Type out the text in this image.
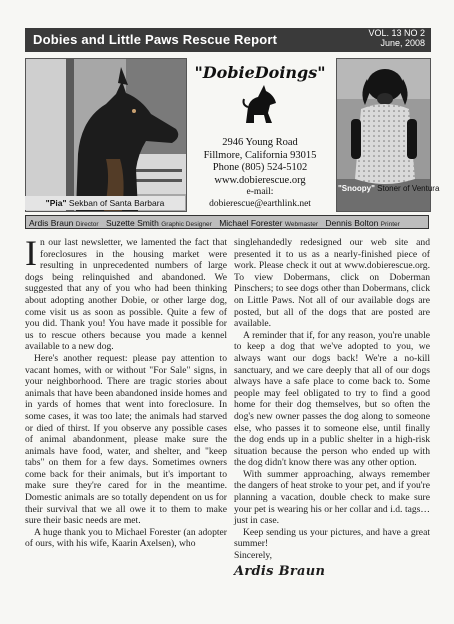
Dobies and Little Paws Rescue Report	VOL. 13 NO 2
June, 2008
"Pia" Sekban of Santa Barbara
"DobieDoings"
2946 Young Road
Fillmore, California 93015
Phone (805) 524-5102
www.dobierescue.org
e-mail:
dobierescue@earthlink.net
"Snoopy" Stoner of Ventura
Ardis Braun Director Suzette Smith Graphic Designer Michael Forester Webmaster Dennis Bolton Printer

In our last newsletter, we lamented the fact that foreclosures in the housing market were resulting in unprecedented numbers of large dogs being relinquished and abandoned. We suggested that any of you who had been thinking about adopting another Dobie, or other large dog, come visit us as soon as possible. Quite a few of you did. Thank you! You have made it possible for us to rescue others because you made a kennel available to a new dog.

Here's another request: please pay attention to vacant homes, with or without "For Sale" signs, in your neighborhood. There are tragic stories about animals that have been abandoned inside homes and in yards of homes that went into foreclosure. In some cases, it was too late; the animals had starved or died of thirst. If you observe any possible cases of animal abandonment, please make sure the animals have food, water, and shelter, and "keep tabs" on them for a few days. Sometimes owners come back for their animals, but it's important to make sure they're cared for in the meantime. Domestic animals are so totally dependent on us for their survival that we all owe it to them to make sure their basic needs are met.

A huge thank you to Michael Forester (an adopter of ours, with his wife, Kaarin Axelsen), who

singlehandedly redesigned our web site and presented it to us as a nearly-finished piece of work. Please check it out at www.dobierescue.org. To view Dobermans, click on Doberman Pinschers; to see dogs other than Dobermans, click on Little Paws. Not all of our available dogs are posted, but all of the dogs that are posted are available.

A reminder that if, for any reason, you're unable to keep a dog that we've adopted to you, we always want our dogs back! We're a no-kill sanctuary, and we care deeply that all of our dogs always have a safe place to come back to. Some people may feel obligated to try to find a good home for their dog themselves, but so often the dog's new owner passes the dog along to someone else, who passes it to someone else, until finally the dog ends up in a public shelter in a high-risk situation because the person who ended up with the dog didn't know there was any other option.

With summer approaching, always remember the dangers of heat stroke to your pet, and if you're planning a vacation, double check to make sure your pet is wearing his or her collar and i.d. tags…just in case.

Keep sending us your pictures, and have a great summer!

Sincerely,

Ardis Braun
